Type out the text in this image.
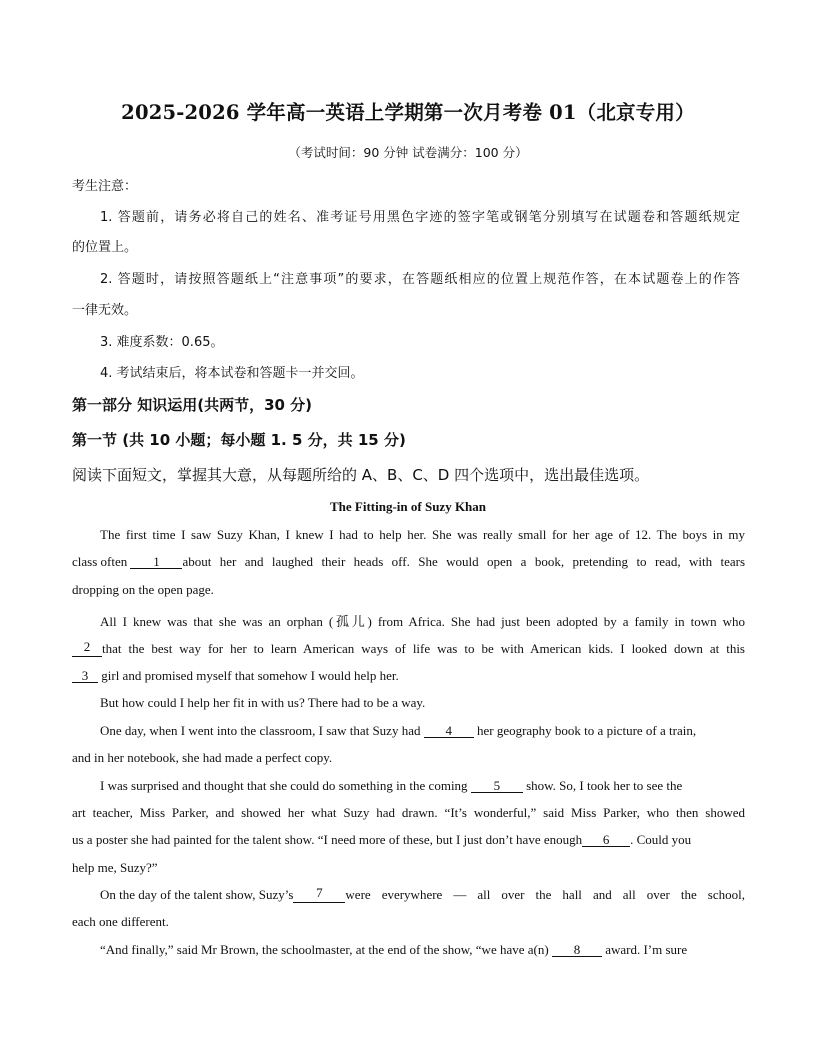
2025-2026 学年高一英语上学期第一次月考卷 01（北京专用）
（考试时间：90 分钟 试卷满分：100 分）
考生注意：
1. 答题前，请务必将自己的姓名、准考证号用黑色字迹的签字笔或钢笔分别填写在试题卷和答题纸规定
的位置上。
2. 答题时，请按照答题纸上“注意事项”的要求，在答题纸相应的位置上规范作答，在本试题卷上的作答
一律无效。
3. 难度系数：0.65。
4. 考试结束后，将本试卷和答题卡一并交回。
第一部分 知识运用(共两节，30 分)
第一节 (共 10 小题；每小题 1. 5 分，共 15 分)
阅读下面短文，掌握其大意，从每题所给的 A、B、C、D 四个选项中，选出最佳选项。
The Fitting-in of Suzy Khan
The first time I saw Suzy Khan, I knew I had to help her. She was really small for her age of 12. The boys in my
class often 1	about her and laughed their heads off. She would open a book, pretending to read, with tears
dropping on the open page.
All I knew was that she was an orphan (孤儿) from Africa. She had just been adopted by a family in town who
2 that the best way for her to learn American ways of life was to be with American kids. I looked down at this
3 girl and promised myself that somehow I would help her.
But how could I help her fit in with us? There had to be a way.
One day, when I went into the classroom, I saw that Suzy had 4 her geography book to a picture of a train,
and in her notebook, she had made a perfect copy.
I was surprised and thought that she could do something in the coming 5 show. So, I took her to see the
art teacher, Miss Parker, and showed her what Suzy had drawn. “It’s wonderful,” said Miss Parker, who then showed
us a poster she had painted for the talent show. “I need more of these, but I just don’t have enough 6 . Could you
help me, Suzy?”
On the day of the talent show, Suzy’s	7	were everywhere — all over the hall and all over the school,
each one different.
“And finally,” said Mr Brown, the schoolmaster, at the end of the show, “we have a(n) 8 award. I’m sure
